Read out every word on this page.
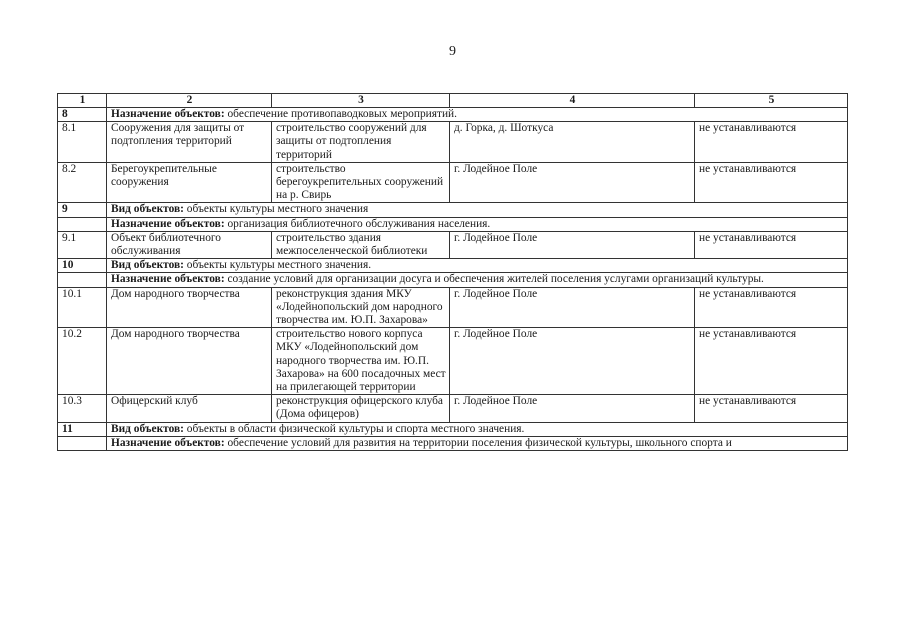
9
1	2	3	4	5
8	Назначение объектов: обеспечение противопаводковых мероприятий.			
8.1	Сооружения для защиты от подтопления территорий	строительство сооружений для защиты от подтопления территорий	д. Горка, д. Шоткуса	не устанавливаются
8.2	Берегоукрепительные сооружения	строительство берегоукрепительных сооружений на р. Свирь	г. Лодейное Поле	не устанавливаются
9	Вид объектов: объекты культуры местного значения			
	Назначение объектов: организация библиотечного обслуживания населения.			
9.1	Объект библиотечного обслуживания	строительство здания межпоселенческой библиотеки	г. Лодейное Поле	не устанавливаются
10	Вид объектов: объекты культуры местного значения.			
	Назначение объектов: создание условий для организации досуга и обеспечения жителей поселения услугами организаций культуры.			
10.1	Дом народного творчества	реконструкция здания МКУ «Лодейнопольский дом народного творчества им. Ю.П. Захарова»	г. Лодейное Поле	не устанавливаются
10.2	Дом народного творчества	строительство нового корпуса МКУ «Лодейнопольский дом народного творчества им. Ю.П. Захарова» на 600 посадочных мест на прилегающей территории	г. Лодейное Поле	не устанавливаются
10.3	Офицерский клуб	реконструкция офицерского клуба (Дома офицеров)	г. Лодейное Поле	не устанавливаются
11	Вид объектов: объекты в области физической культуры и спорта местного значения.			
	Назначение объектов: обеспечение условий для развития на территории поселения физической культуры, школьного спорта и			
